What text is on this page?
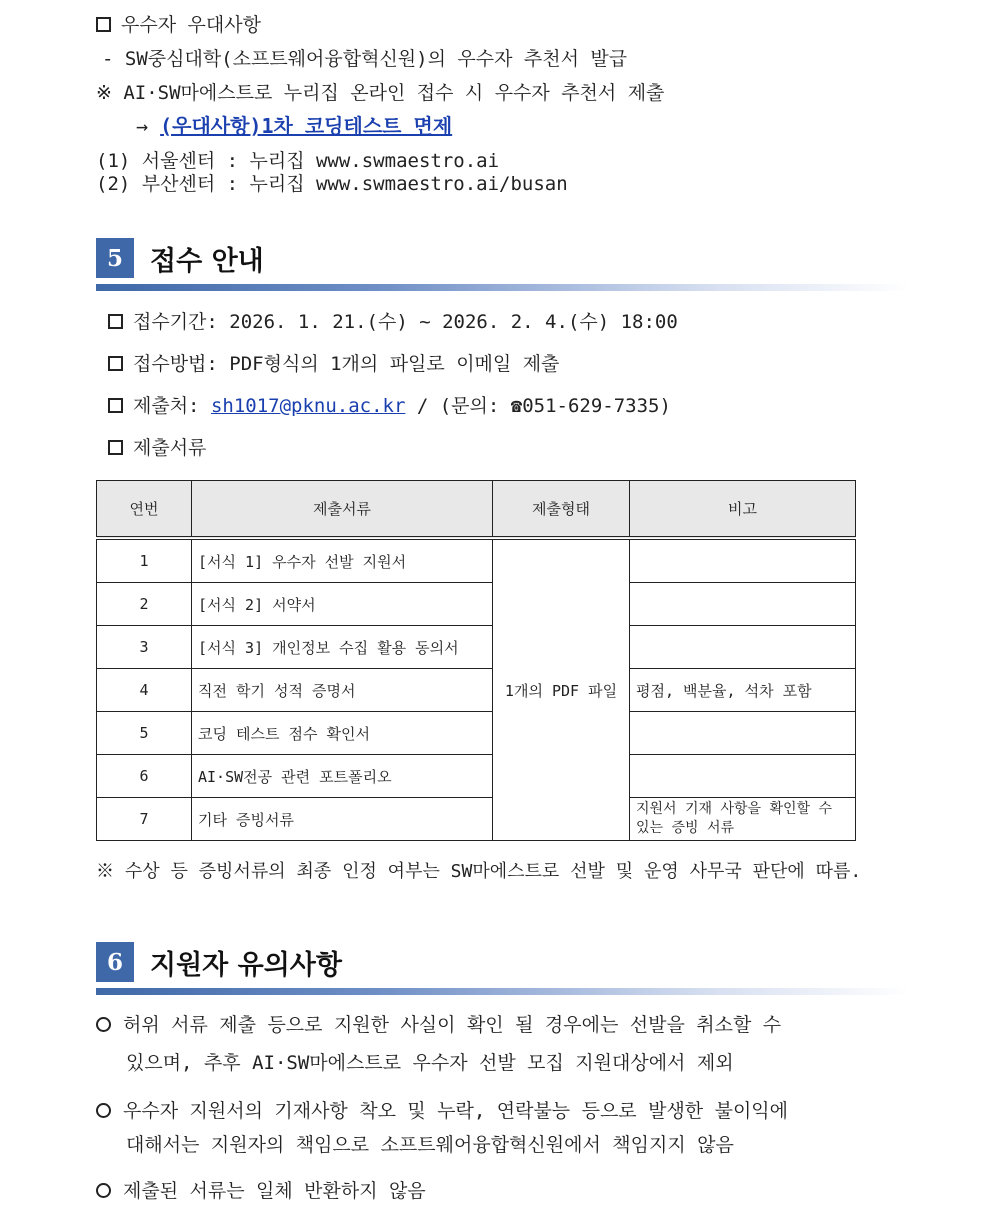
우수자 우대사항
- SW중심대학(소프트웨어융합혁신원)의 우수자 추천서 발급
※ AI·SW마에스트로 누리집 온라인 접수 시 우수자 추천서 제출
→ (우대사항)1차 코딩테스트 면제
(1) 서울센터 : 누리집 www.swmaestro.ai
(2) 부산센터 : 누리집 www.swmaestro.ai/busan
5	접수 안내
접수기간: 2026. 1. 21.(수) ~ 2026. 2. 4.(수) 18:00
접수방법: PDF형식의 1개의 파일로 이메일 제출
제출처: sh1017@pknu.ac.kr / (문의: ☎051-629-7335)
제출서류
연번	제출서류	제출형태	비고
1	[서식 1] 우수자 선발 지원서	1개의 PDF 파일	
2	[서식 2] 서약서		
3	[서식 3] 개인정보 수집 활용 동의서		
4	직전 학기 성적 증명서		평점, 백분율, 석차 포함
5	코딩 테스트 점수 확인서		
6	AI·SW전공 관련 포트폴리오		
7	기타 증빙서류		지원서 기재 사항을 확인할 수 있는 증빙 서류
※ 수상 등 증빙서류의 최종 인정 여부는 SW마에스트로 선발 및 운영 사무국 판단에 따름.
6	지원자 유의사항
허위 서류 제출 등으로 지원한 사실이 확인 될 경우에는 선발을 취소할 수
있으며, 추후 AI·SW마에스트로 우수자 선발 모집 지원대상에서 제외
우수자 지원서의 기재사항 착오 및 누락, 연락불능 등으로 발생한 불이익에
대해서는 지원자의 책임으로 소프트웨어융합혁신원에서 책임지지 않음
제출된 서류는 일체 반환하지 않음
